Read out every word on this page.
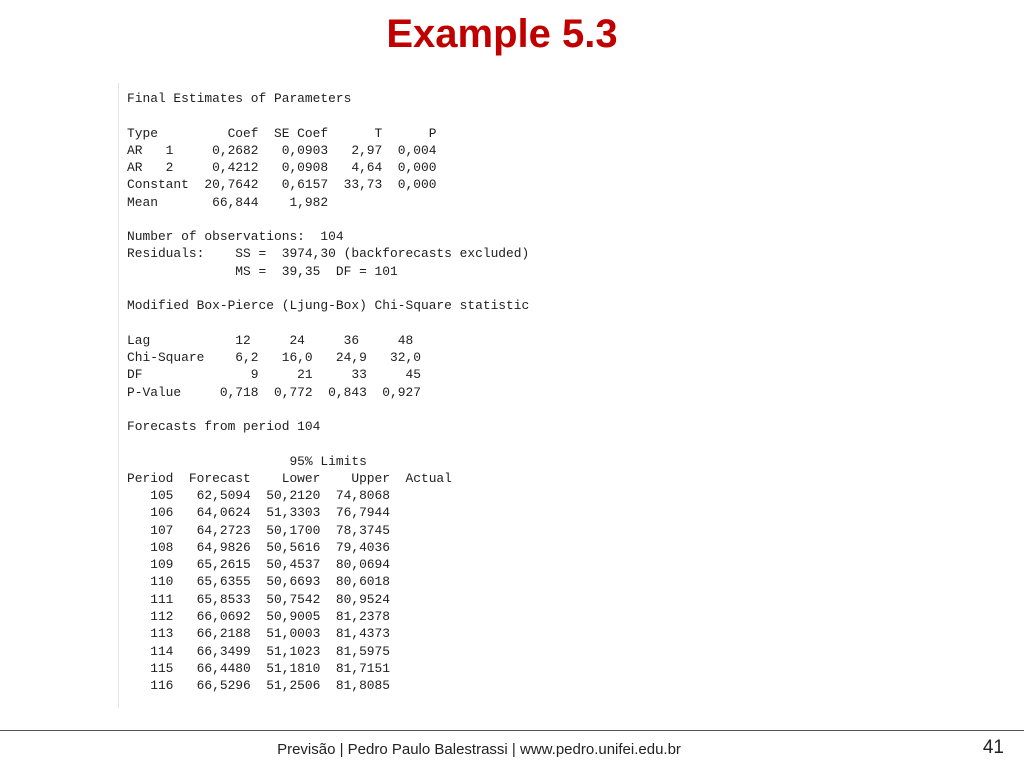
Example 5.3
Final Estimates of Parameters
Type         Coef  SE Coef      T      P
AR   1     0,2682   0,0903   2,97  0,004
AR   2     0,4212   0,0908   4,64  0,000
Constant  20,7642   0,6157  33,73  0,000
Mean       66,844    1,982
Number of observations:  104
Residuals:    SS =  3974,30 (backforecasts excluded)
MS =  39,35  DF = 101
Modified Box-Pierce (Ljung-Box) Chi-Square statistic
Lag           12     24     36     48
Chi-Square    6,2   16,0   24,9   32,0
DF              9     21     33     45
P-Value     0,718  0,772  0,843  0,927
Forecasts from period 104
95% Limits
Period  Forecast    Lower    Upper  Actual
105   62,5094  50,2120  74,8068
106   64,0624  51,3303  76,7944
107   64,2723  50,1700  78,3745
108   64,9826  50,5616  79,4036
109   65,2615  50,4537  80,0694
110   65,6355  50,6693  80,6018
111   65,8533  50,7542  80,9524
112   66,0692  50,9005  81,2378
113   66,2188  51,0003  81,4373
114   66,3499  51,1023  81,5975
115   66,4480  51,1810  81,7151
116   66,5296  51,2506  81,8085
Previsão | Pedro Paulo Balestrassi | www.pedro.unifei.edu.br	41
